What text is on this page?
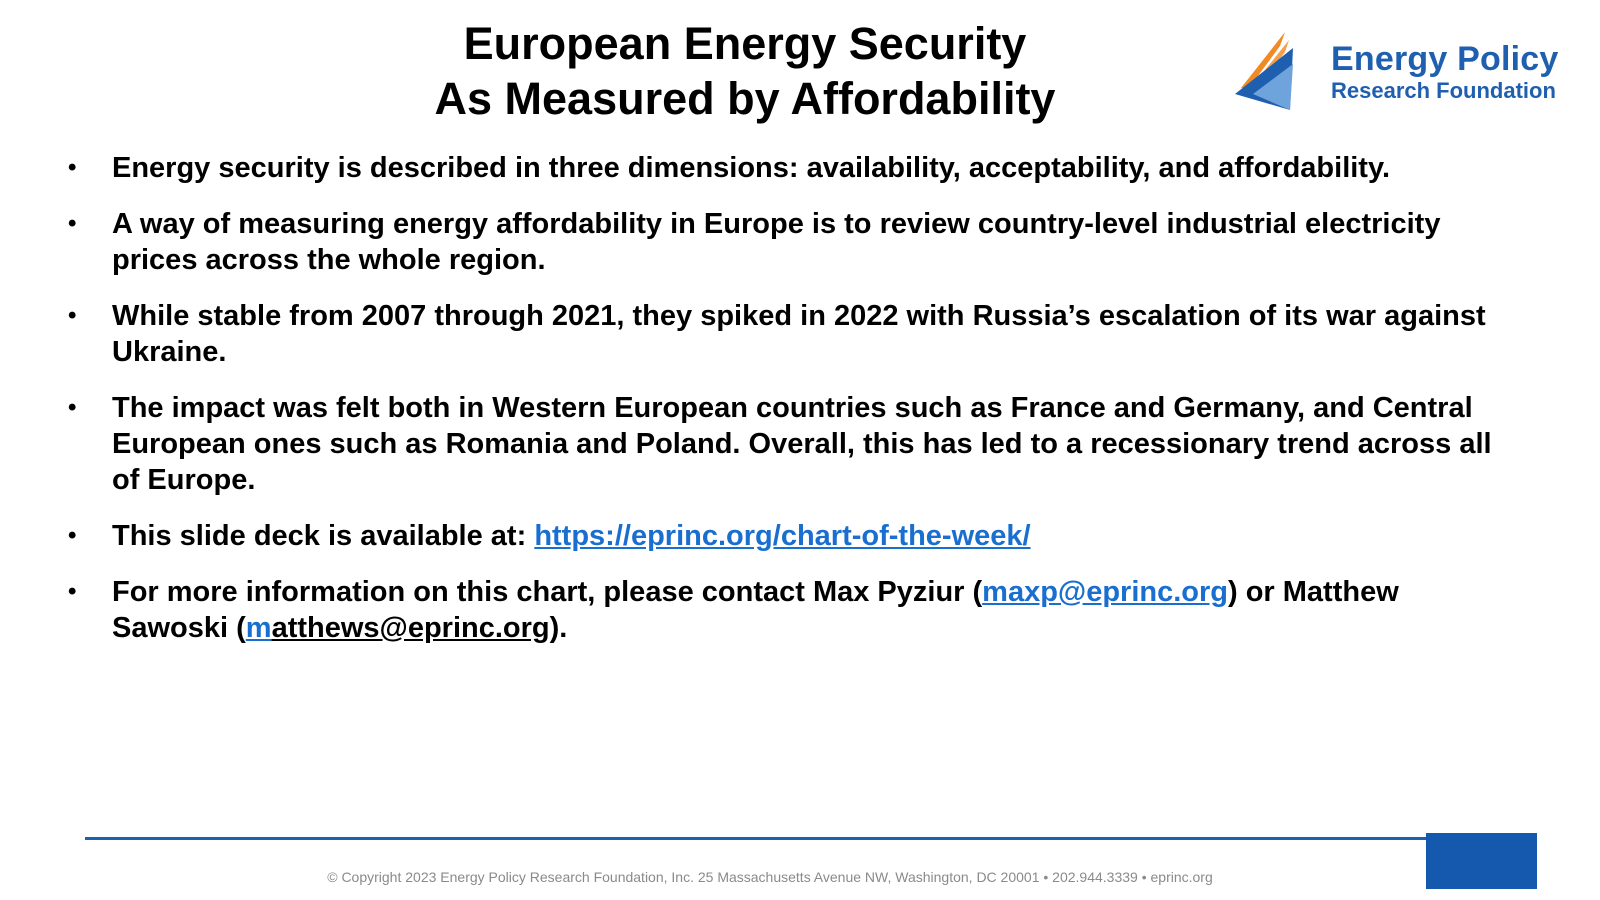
European Energy Security
As Measured by Affordability
Energy Policy
Research Foundation
• Energy security is described in three dimensions: availability, acceptability, and affordability.
• A way of measuring energy affordability in Europe is to review country-level industrial electricity prices across the whole region.
• While stable from 2007 through 2021, they spiked in 2022 with Russia’s escalation of its war against Ukraine.
• The impact was felt both in Western European countries such as France and Germany, and Central European ones such as Romania and Poland. Overall, this has led to a recessionary trend across all of Europe.
• This slide deck is available at: https://eprinc.org/chart-of-the-week/
• For more information on this chart, please contact Max Pyziur (maxp@eprinc.org) or Matthew Sawoski (matthews@eprinc.org).
© Copyright 2023 Energy Policy Research Foundation, Inc. 25 Massachusetts Avenue NW, Washington, DC 20001 • 202.944.3339 • eprinc.org
